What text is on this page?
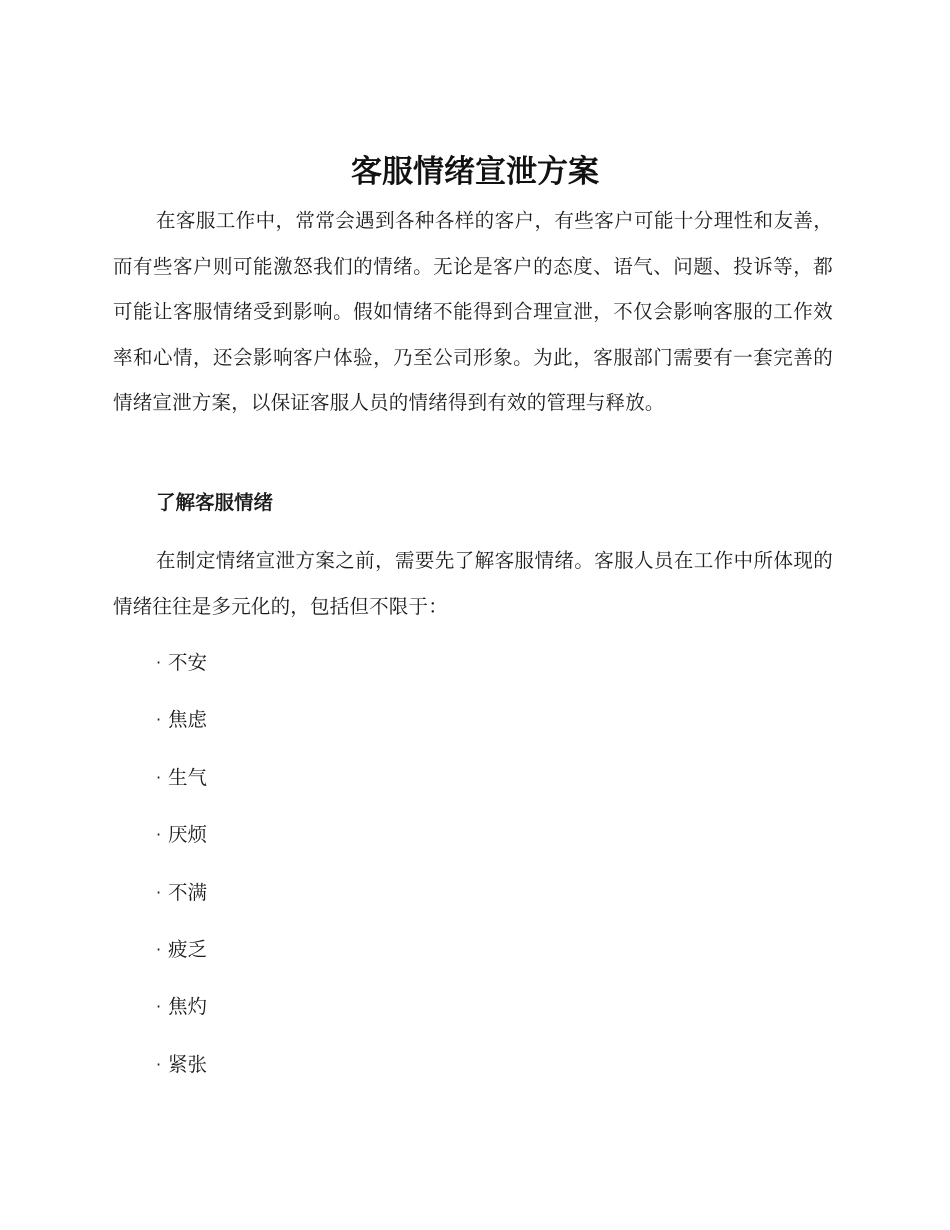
客服情绪宣泄方案

在客服工作中，常常会遇到各种各样的客户，有些客户可能十分理性和友善，而有些客户则可能激怒我们的情绪。无论是客户的态度、语气、问题、投诉等，都可能让客服情绪受到影响。假如情绪不能得到合理宣泄，不仅会影响客服的工作效率和心情，还会影响客户体验，乃至公司形象。为此，客服部门需要有一套完善的情绪宣泄方案，以保证客服人员的情绪得到有效的管理与释放。

了解客服情绪

在制定情绪宣泄方案之前，需要先了解客服情绪。客服人员在工作中所体现的情绪往往是多元化的，包括但不限于：

· 不安
· 焦虑
· 生气
· 厌烦
· 不满
· 疲乏
· 焦灼
· 紧张
